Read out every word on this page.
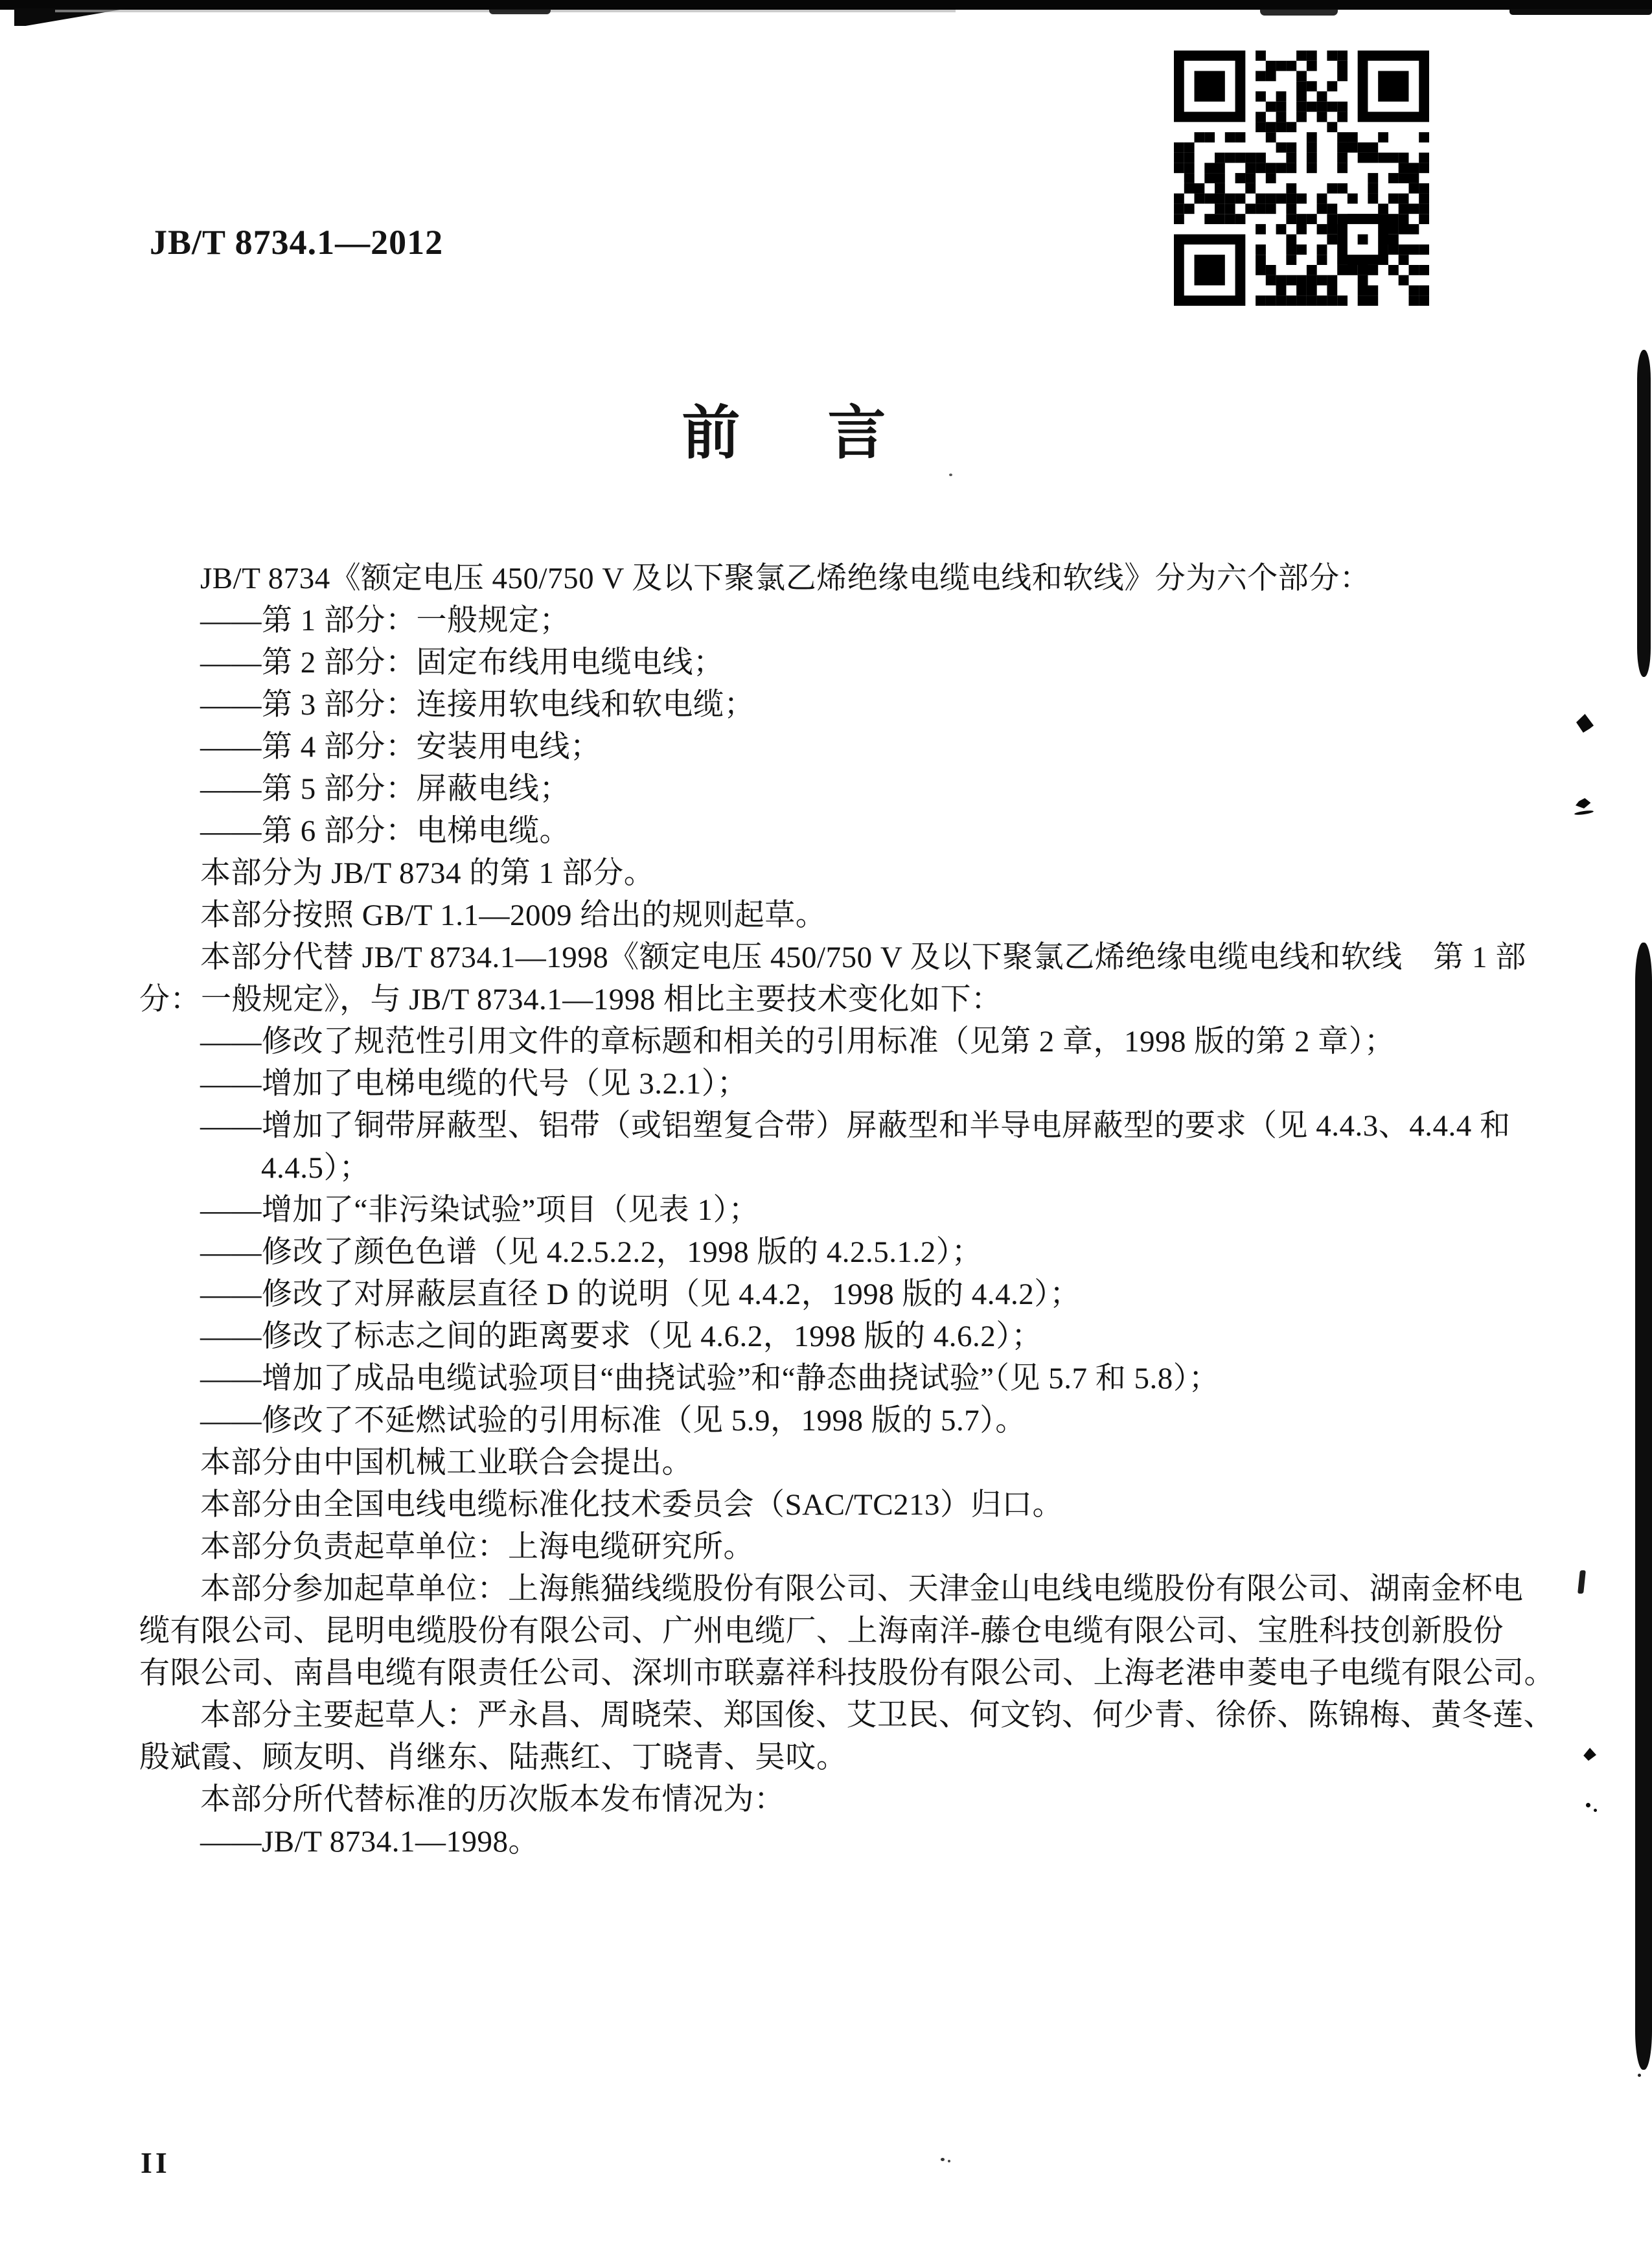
JB/T 8734.1—2012
前 言
JB/T 8734《额定电压 450/750 V 及以下聚氯乙烯绝缘电缆电线和软线》分为六个部分：
——第 1 部分：一般规定；
——第 2 部分：固定布线用电缆电线；
——第 3 部分：连接用软电线和软电缆；
——第 4 部分：安装用电线；
——第 5 部分：屏蔽电线；
——第 6 部分：电梯电缆。
本部分为 JB/T 8734 的第 1 部分。
本部分按照 GB/T 1.1—2009 给出的规则起草。
本部分代替 JB/T 8734.1—1998《额定电压 450/750 V 及以下聚氯乙烯绝缘电缆电线和软线　第 1 部
分：一般规定》，与 JB/T 8734.1—1998 相比主要技术变化如下：
——修改了规范性引用文件的章标题和相关的引用标准（见第 2 章，1998 版的第 2 章）；
——增加了电梯电缆的代号（见 3.2.1）；
——增加了铜带屏蔽型、铝带（或铝塑复合带）屏蔽型和半导电屏蔽型的要求（见 4.4.3、4.4.4 和
4.4.5）；
——增加了“非污染试验”项目（见表 1）；
——修改了颜色色谱（见 4.2.5.2.2，1998 版的 4.2.5.1.2）；
——修改了对屏蔽层直径 D 的说明（见 4.4.2，1998 版的 4.4.2）；
——修改了标志之间的距离要求（见 4.6.2，1998 版的 4.6.2）；
——增加了成品电缆试验项目“曲挠试验”和“静态曲挠试验”（见 5.7 和 5.8）；
——修改了不延燃试验的引用标准（见 5.9，1998 版的 5.7）。
本部分由中国机械工业联合会提出。
本部分由全国电线电缆标准化技术委员会（SAC/TC213）归口。
本部分负责起草单位：上海电缆研究所。
本部分参加起草单位：上海熊猫线缆股份有限公司、天津金山电线电缆股份有限公司、湖南金杯电
缆有限公司、昆明电缆股份有限公司、广州电缆厂、上海南洋-藤仓电缆有限公司、宝胜科技创新股份
有限公司、南昌电缆有限责任公司、深圳市联嘉祥科技股份有限公司、上海老港申菱电子电缆有限公司。
本部分主要起草人：严永昌、周晓荣、郑国俊、艾卫民、何文钧、何少青、徐侨、陈锦梅、黄冬莲、
殷斌霞、顾友明、肖继东、陆燕红、丁晓青、吴呅。
本部分所代替标准的历次版本发布情况为：
——JB/T 8734.1—1998。
II
